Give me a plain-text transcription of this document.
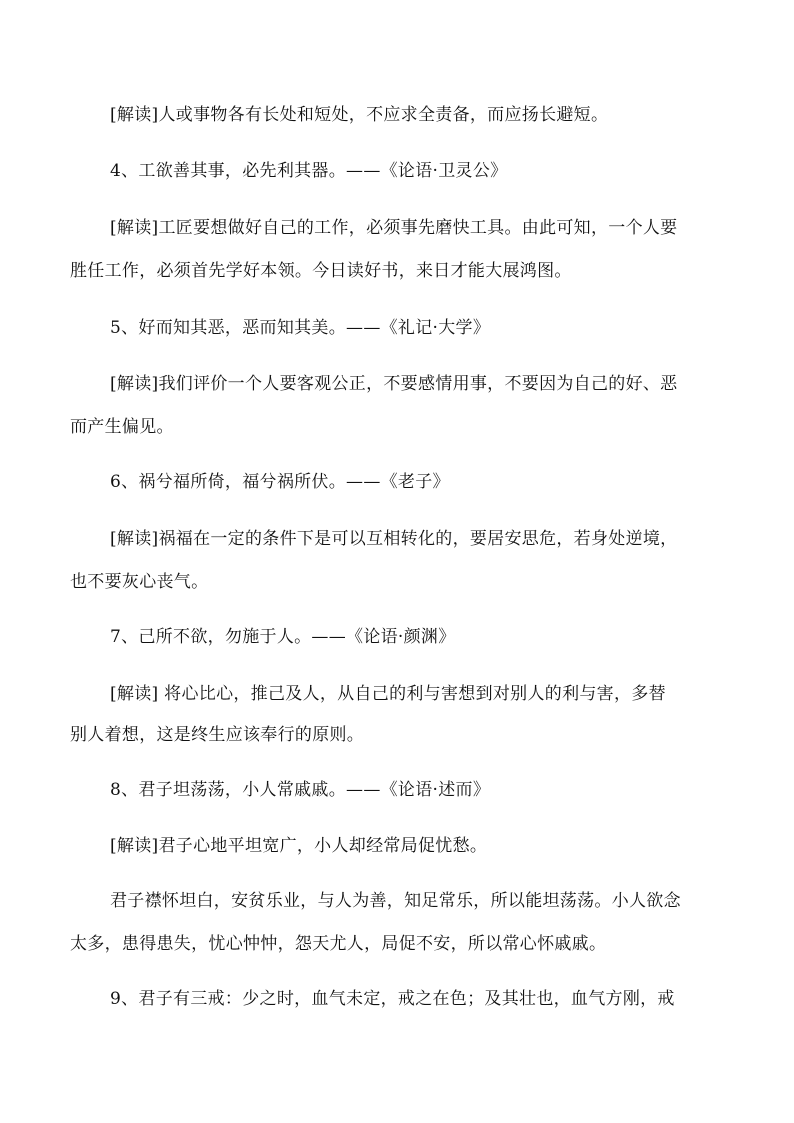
[解读]人或事物各有长处和短处，不应求全责备，而应扬长避短。
4、工欲善其事，必先利其器。——《论语·卫灵公》
[解读]工匠要想做好自己的工作，必须事先磨快工具。由此可知，一个人要
胜任工作，必须首先学好本领。今日读好书，来日才能大展鸿图。
5、好而知其恶，恶而知其美。——《礼记·大学》
[解读]我们评价一个人要客观公正，不要感情用事，不要因为自己的好、恶
而产生偏见。
6、祸兮福所倚，福兮祸所伏。——《老子》
[解读]祸福在一定的条件下是可以互相转化的，要居安思危，若身处逆境，
也不要灰心丧气。
7、己所不欲，勿施于人。——《论语·颜渊》
[解读] 将心比心，推己及人，从自己的利与害想到对别人的利与害，多替
别人着想，这是终生应该奉行的原则。
8、君子坦荡荡，小人常戚戚。——《论语·述而》
[解读]君子心地平坦宽广，小人却经常局促忧愁。
君子襟怀坦白，安贫乐业，与人为善，知足常乐，所以能坦荡荡。小人欲念
太多，患得患失，忧心忡忡，怨天尤人，局促不安，所以常心怀戚戚。
9、君子有三戒：少之时，血气未定，戒之在色；及其壮也，血气方刚，戒
